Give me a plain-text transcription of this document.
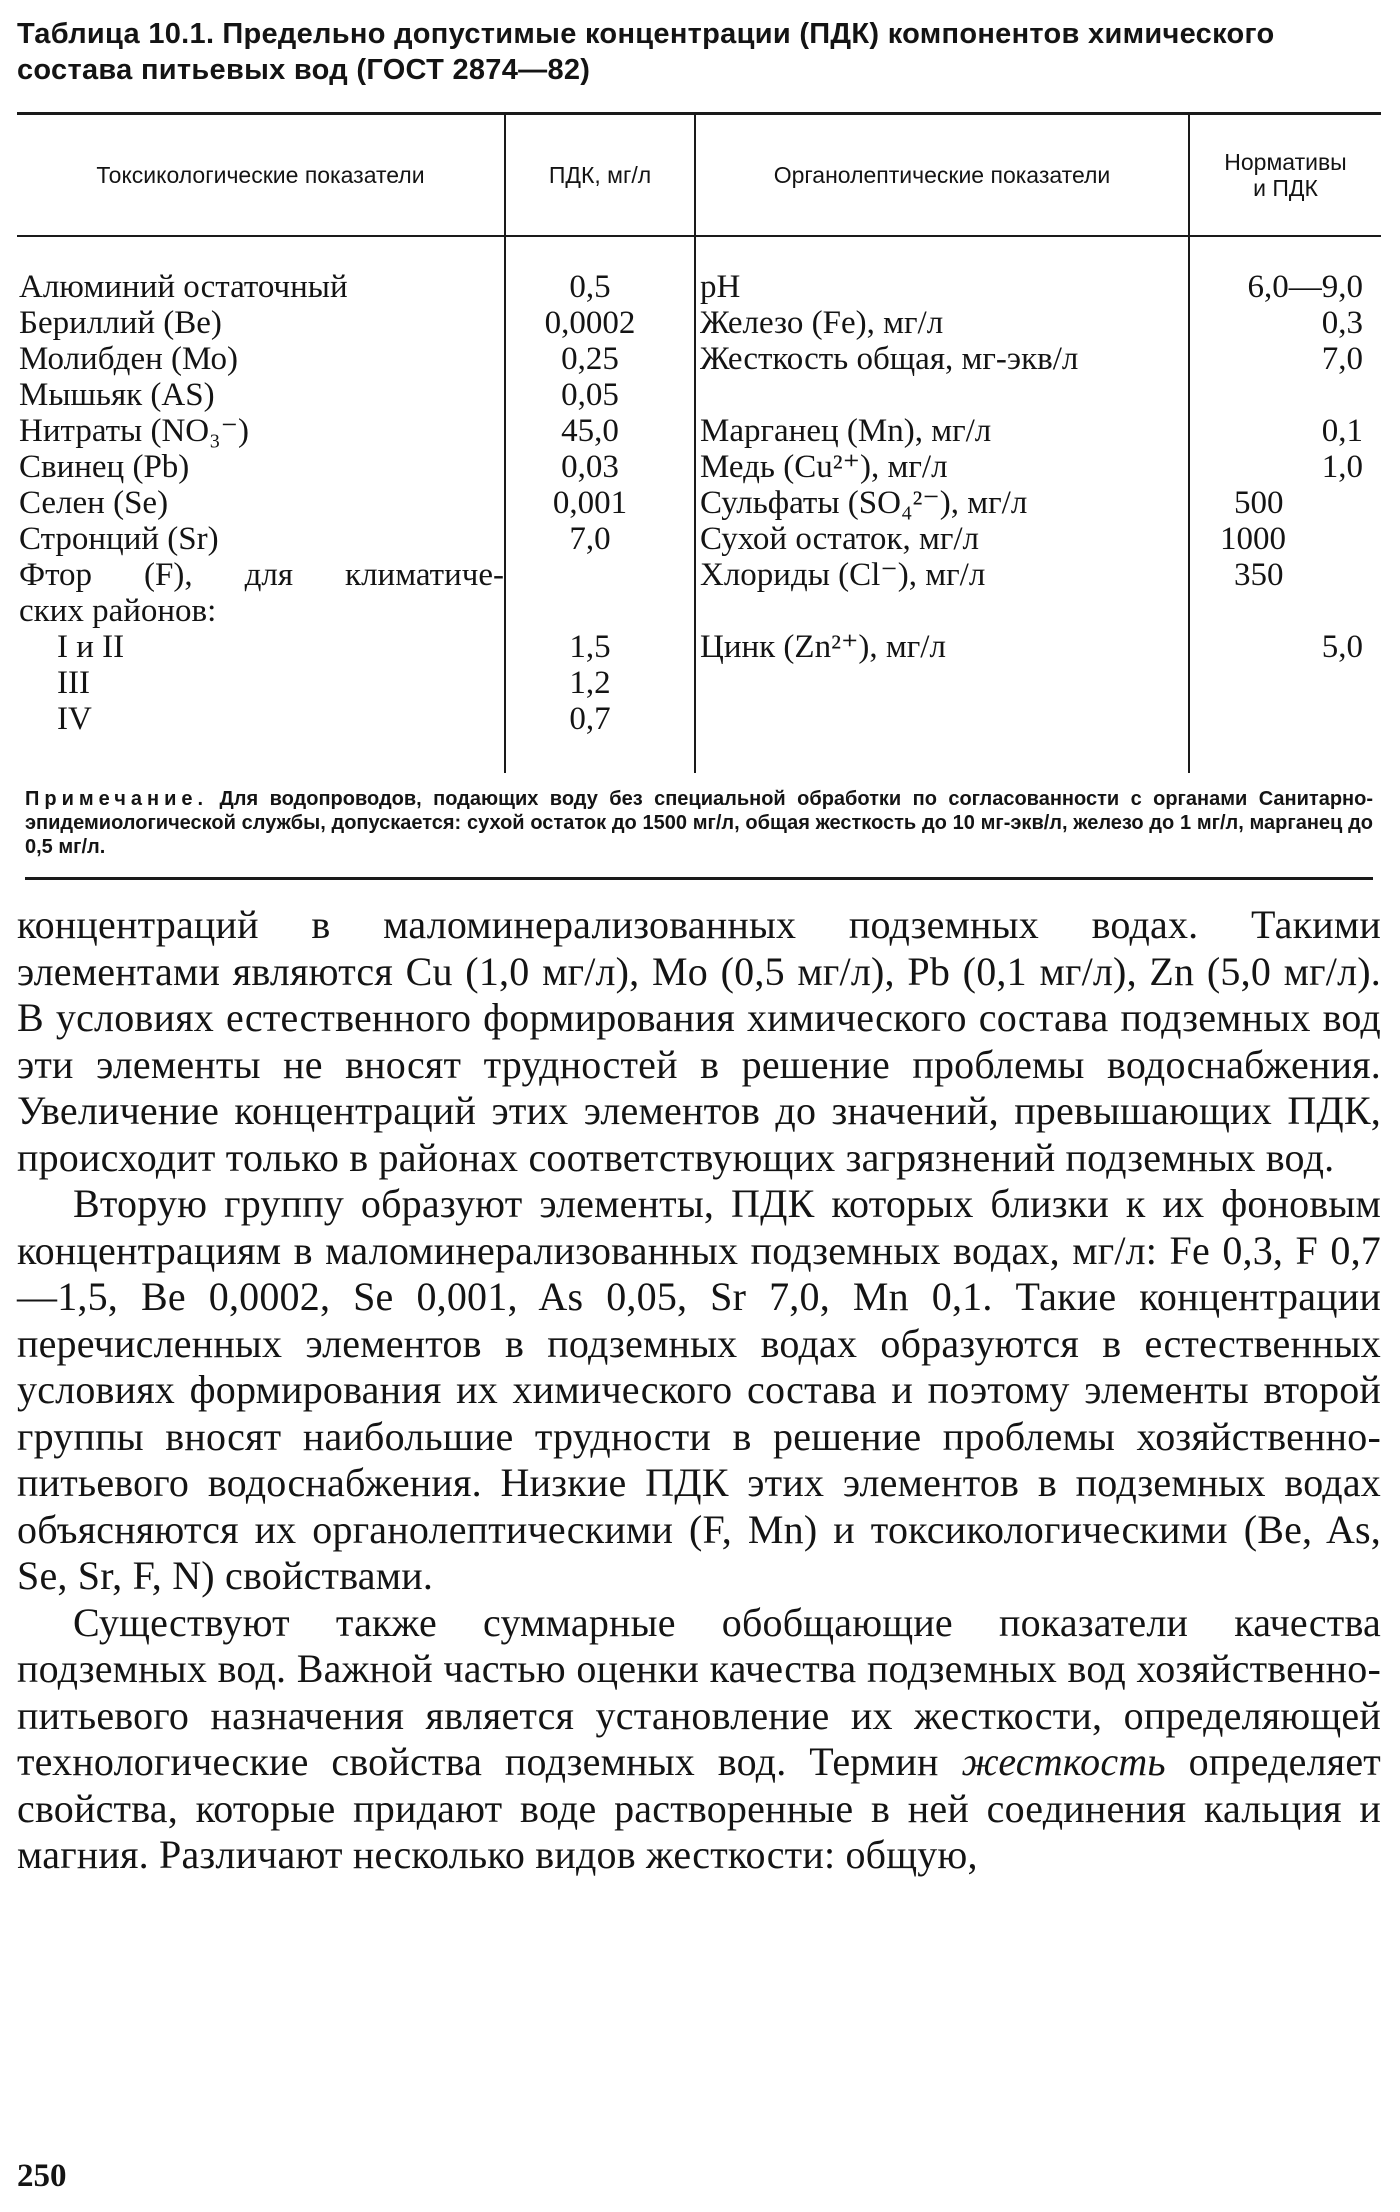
Таблица 10.1. Предельно допустимые концентрации (ПДК) компонентов химического состава питьевых вод (ГОСТ 2874—82)

Токсикологические показатели	ПДК, мг/л	Органолептические показатели	Нормативы и ПДК

Алюминий остаточный	0,5	pH	6,0—9,0
Бериллий (Ве)	0,0002	Железо (Fe), мг/л	0,3
Молибден (Мо)	0,25	Жесткость общая, мг-экв/л	7,0
Мышьяк (AS)	0,05		
Нитраты (NO₃⁻)	45,0	Марганец (Mn), мг/л	0,1
Свинец (Pb)	0,03	Медь (Cu²⁺), мг/л	1,0
Селен (Se)	0,001	Сульфаты (SO₄²⁻), мг/л	500
Стронций (Sr)	7,0	Сухой остаток, мг/л	1000
Фтор (F), для климатиче-		Хлориды (Cl⁻), мг/л	350
ских районов:			
I и II	1,5	Цинк (Zn²⁺), мг/л	5,0
III	1,2		
IV	0,7		
Примечание. Для водопроводов, подающих воду без специальной обработки по согласованности с органами Санитарно-эпидемиологической службы, допускается: сухой остаток до 1500 мг/л, общая жесткость до 10 мг-экв/л, железо до 1 мг/л, марганец до 0,5 мг/л.

концентраций в маломинерализованных подземных водах. Такими элементами являются Cu (1,0 мг/л), Mo (0,5 мг/л), Pb (0,1 мг/л), Zn (5,0 мг/л). В условиях естественного формирования химического состава подземных вод эти элементы не вносят трудностей в решение проблемы водоснабжения. Увеличение концентраций этих элементов до значений, превышающих ПДК, происходит только в районах соответствующих загрязнений подземных вод.

Вторую группу образуют элементы, ПДК которых близки к их фоновым концентрациям в маломинерализованных подземных водах, мг/л: Fe 0,3, F 0,7—1,5, Be 0,0002, Se 0,001, As 0,05, Sr 7,0, Mn 0,1. Такие концентрации перечисленных элементов в подземных водах образуются в естественных условиях формирования их химического состава и поэтому элементы второй группы вносят наибольшие трудности в решение проблемы хозяйственно-питьевого водоснабжения. Низкие ПДК этих элементов в подземных водах объясняются их органолептическими (F, Mn) и токсикологическими (Be, As, Se, Sr, F, N) свойствами.

Существуют также суммарные обобщающие показатели качества подземных вод. Важной частью оценки качества подземных вод хозяйственно-питьевого назначения является установление их жесткости, определяющей технологические свойства подземных вод. Термин жесткость определяет свойства, которые придают воде растворенные в ней соединения кальция и магния. Различают несколько видов жесткости: общую,

250
